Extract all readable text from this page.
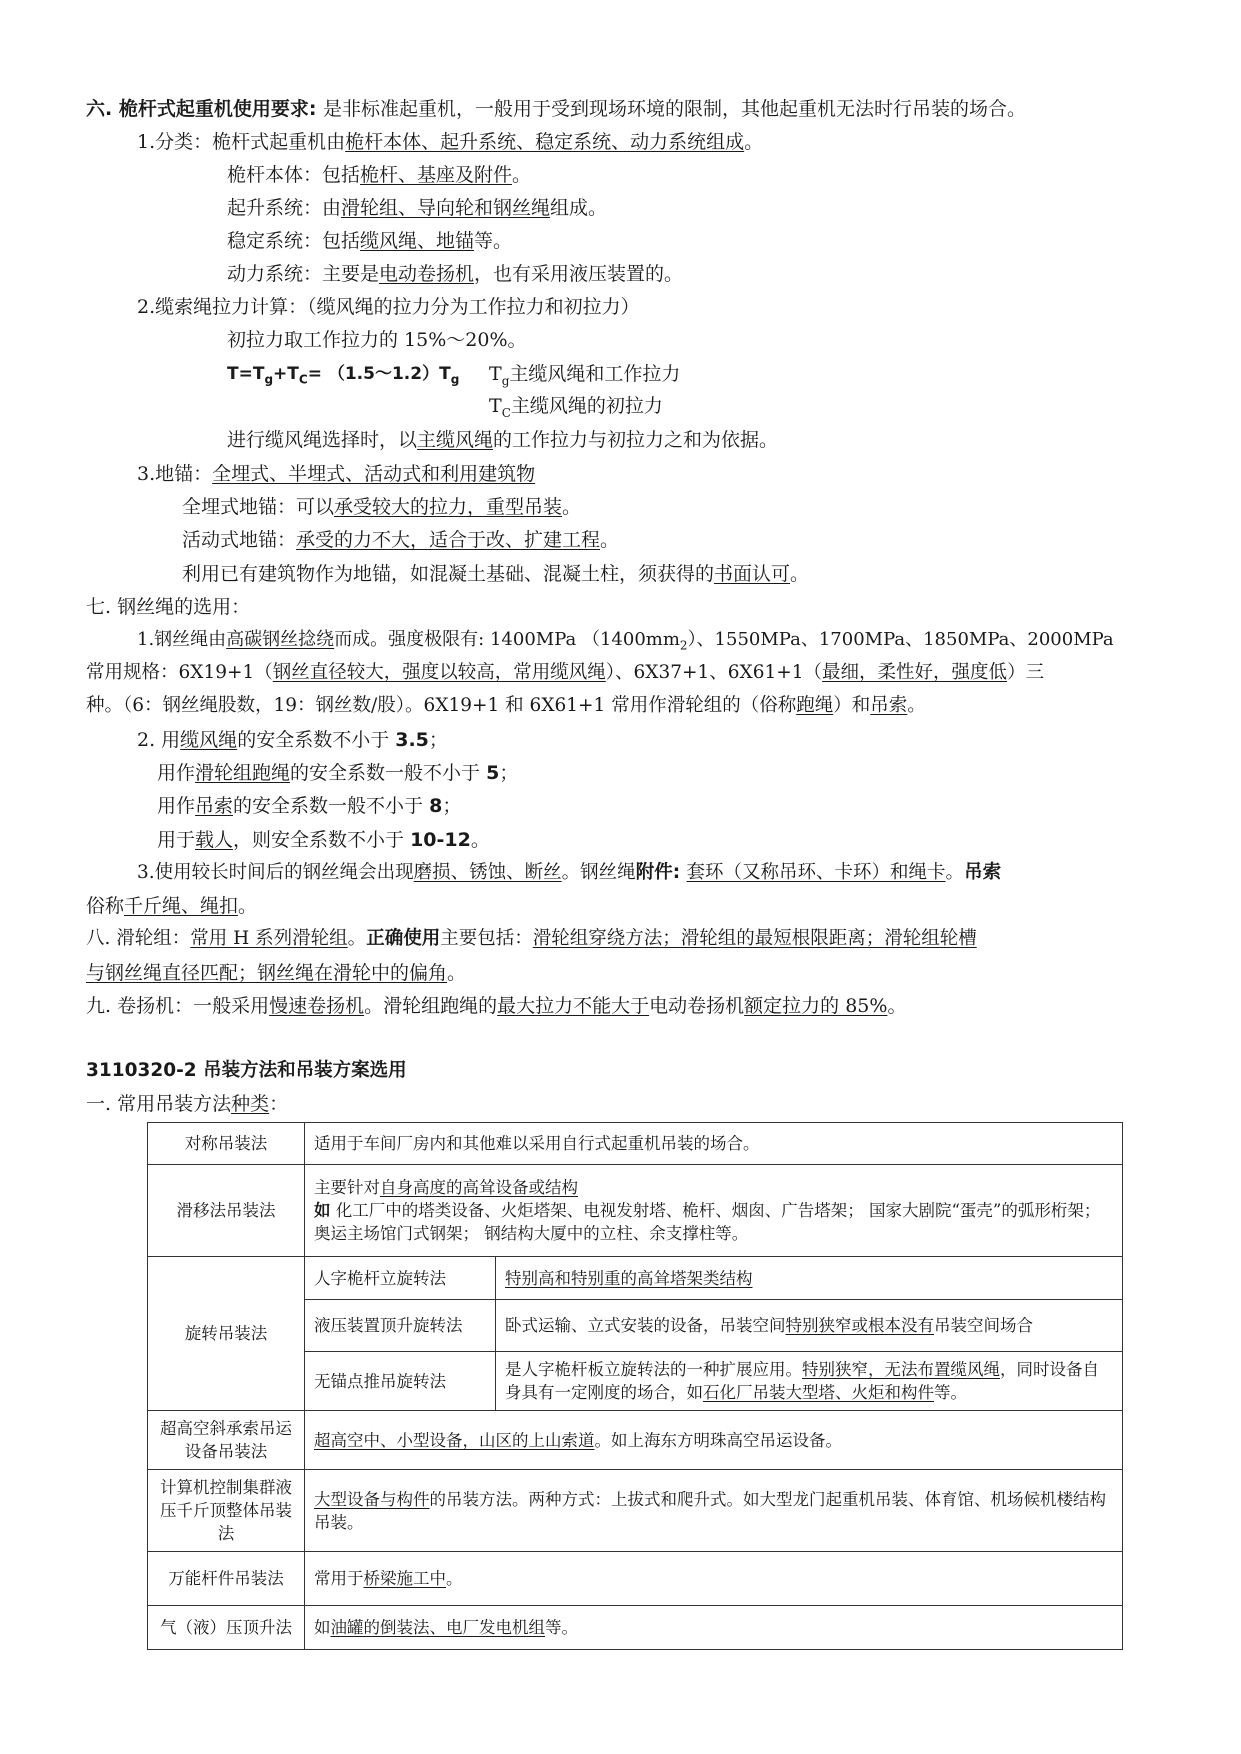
六. 桅杆式起重机使用要求: 是非标准起重机，一般用于受到现场环境的限制，其他起重机无法时行吊装的场合。
1.分类：桅杆式起重机由桅杆本体、起升系统、稳定系统、动力系统组成。
桅杆本体：包括桅杆、基座及附件。
起升系统：由滑轮组、导向轮和钢丝绳组成。
稳定系统：包括缆风绳、地锚等。
动力系统：主要是电动卷扬机，也有采用液压装置的。
2.缆索绳拉力计算：（缆风绳的拉力分为工作拉力和初拉力）
初拉力取工作拉力的 15%～20%。
$T=T_g+T_C=$ $(1.5\sim 1.2)T_g$ $T_g$主缆风绳和工作拉力
$T_C$主缆风绳的初拉力
进行缆风绳选择时，以主缆风绳的工作拉力与初拉力之和为依据。
3.地锚：全埋式、半埋式、活动式和利用建筑物
全埋式地锚：可以承受较大的拉力，重型吊装。
活动式地锚：承受的力不大，适合于改、扩建工程。
利用已有建筑物作为地锚，如混凝土基础、混凝土柱，须获得的书面认可。
七. 钢丝绳的选用：
1.钢丝绳由高碳钢丝捻绕而成。强度极限有: 1400MPa $(1400mm_2)$、1550MPa、1700MPa、1850MPa、2000MPa
常用规格：6X19+1（钢丝直径较大，强度以较高，常用缆风绳）、6X37+1、6X61+1（最细，柔性好，强度低）三
种。（6：钢丝绳股数，19：钢丝数/股）。6X19+1 和 6X61+1 常用作滑轮组的（俗称跑绳）和吊索。
2. 用缆风绳的安全系数不小于 3.5；
用作滑轮组跑绳的安全系数一般不小于 5；
用作吊索的安全系数一般不小于 8；
用于载人，则安全系数不小于 10-12。
3.使用较长时间后的钢丝绳会出现磨损、锈蚀、断丝。钢丝绳附件: 套环（又称吊环、卡环）和绳卡。吊索
俗称千斤绳、绳扣。
八. 滑轮组：常用 H 系列滑轮组。正确使用主要包括：滑轮组穿绕方法；滑轮组的最短根限距离；滑轮组轮槽
与钢丝绳直径匹配；钢丝绳在滑轮中的偏角。
九. 卷扬机：一般采用慢速卷扬机。滑轮组跑绳的最大拉力不能大于电动卷扬机额定拉力的 85%。
3110320-2 吊装方法和吊装方案选用
一. 常用吊装方法种类：
对称吊装法	适用于车间厂房内和其他难以采用自行式起重机吊装的场合。	
滑移法吊装法	主要针对自身高度的高耸设备或结构
如 化工厂中的塔类设备、火炬塔架、电视发射塔、桅杆、烟囱、广告塔架； 国家大剧院“蛋壳”的弧形桁架； 奥运主场馆门式钢架； 钢结构大厦中的立柱、余支撑柱等。	
旋转吊装法	人字桅杆立旋转法	特别高和特别重的高耸塔架类结构
	液压装置顶升旋转法	卧式运输、立式安装的设备，吊装空间特别狭窄或根本没有吊装空间场合
	无锚点推吊旋转法	是人字桅杆板立旋转法的一种扩展应用。特别狭窄，无法布置缆风绳，同时设备自身具有一定刚度的场合，如石化厂吊装大型塔、火炬和构件等。
超高空斜承索吊运设备吊装法	超高空中、小型设备，山区的上山索道。如上海东方明珠高空吊运设备。	
计算机控制集群液压千斤顶整体吊装法	大型设备与构件的吊装方法。两种方式：上拔式和爬升式。如大型龙门起重机吊装、体育馆、机场候机楼结构吊装。	
万能杆件吊装法	常用于桥梁施工中。	
气（液）压顶升法	如油罐的倒装法、电厂发电机组等。	
